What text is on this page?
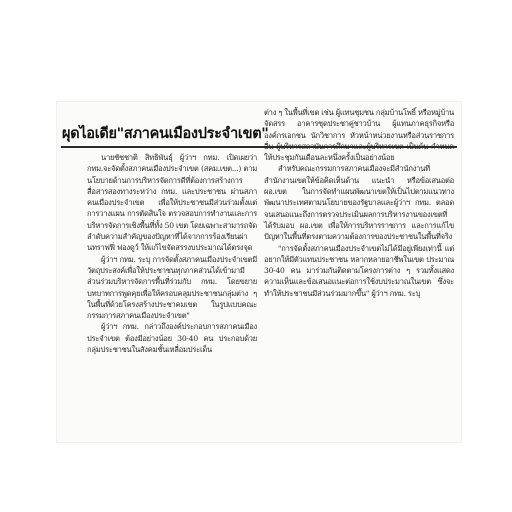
ผุดไอเดีย"สภาคนเมืองประจำเขต"

นายชัชชาติ สิทธิพันธุ์ ผู้ว่าฯ กทม. เปิดเผยว่า กทม.จะจัดตั้งสภาคนเมืองประจำเขต (สคม.เขต...) ตามนโยบายด้านการบริหารจัดการดีที่ต้องการสร้างการสื่อสารสองทางระหว่าง กทม. และประชาชน ผ่านสภาคนเมืองประจำเขต เพื่อให้ประชาชนมีส่วนร่วมตั้งแต่การวางแผน การตัดสินใจ ตรวจสอบการทำงานและการบริหารจัดการเชิงพื้นที่ทั้ง 50 เขต โดยเฉพาะสามารถจัดลำดับความสำคัญของปัญหาที่ได้จากการร้องเรียนผ่านทราฟฟี่ ฟองดูว์ ให้แก้ไขจัดสรรงบประมาณได้ตรงจุด

ผู้ว่าฯ กทม. ระบุ การจัดตั้งสภาคนเมืองประจำเขตมีวัตถุประสงค์เพื่อให้ประชาชนทุกภาคส่วนได้เข้ามามีส่วนร่วมบริหารจัดการพื้นที่ร่วมกับ กทม. โดยขยายบทบาทการพูดคุยเพื่อให้ครอบคลุมประชาชนกลุ่มต่าง ๆ ในพื้นที่ด้วยโครงสร้างประชาคมเขต ในรูปแบบคณะกรรมการสภาคนเมืองประจำเขต"

ผู้ว่าฯ กทม. กล่าวถึงองค์ประกอบการสภาคนเมืองประจำเขต ต้องมีอย่างน้อย 30-40 คน ประกอบด้วย กลุ่มประชาชนในสังคมชั้นเหลื่อมประเด็น

ต่าง ๆ ในพื้นที่เขต เช่น ผู้แทนชุมชน กลุ่มบ้านโพธิ์ หรือหมู่บ้านจัดสรร อาคารชุดประชาคู่ชาวบ้าน ผู้แทนภาคธุรกิจหรือองค์กรเอกชน นักวิชาการ หัวหน้าหน่วยงานหรือส่วนราชการอื่น ผู้บริหารสถาบันการศึกษาและผู้บริหารเขต เป็นต้น กำหนดให้ประชุมกันเดือนละหนึ่งครั้งเป็นอย่างน้อย

สำหรับคณะกรรมการสภาคนเมืองจะมีสำนักงานที่สำนักงานเขตให้ข้อคิดเห็นด้าน แนะนำ หรือข้อเสนอต่อ ผอ.เขต ในการจัดทำแผนพัฒนาเขตให้เป็นไปตามแนวทางพัฒนาประเทศตามนโยบายของรัฐบาลและผู้ว่าฯ กทม. ตลอดจนเสนอแนะถึงการตรวจประเมินผลการบริหารงานของเขตที่ได้รับมอบ ผอ.เขต เพื่อให้การบริหารราชการ และการแก้ไขปัญหาในพื้นที่ตรงตามความต้องการของประชาชนในพื้นที่จริง

"การจัดตั้งสภาคนเมืองประจำเขตไม่ได้มีอยู่เพียงเท่านี้ แต่อยากให้มีตัวแทนประชาชน หลากหลายอาชีพในเขต ประมาณ 30-40 คน มาร่วมกันติดตามโครงการต่าง ๆ รวมทั้งแสดงความเห็นและข้อเสนอแนะต่อการใช้งบประมาณในเขต ซึ่งจะทำให้ประชาชนมีส่วนร่วมมากขึ้น" ผู้ว่าฯ กทม. ระบุ
